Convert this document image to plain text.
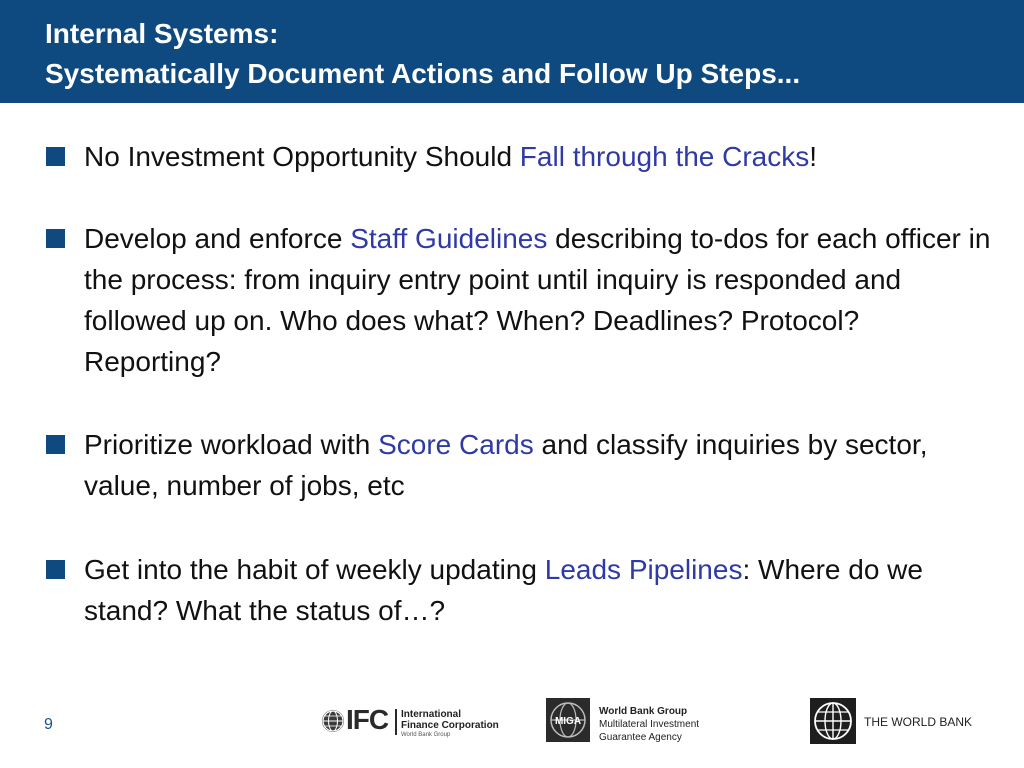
Internal Systems:
Systematically Document Actions and Follow Up Steps...
No Investment Opportunity Should Fall through the Cracks!
Develop and enforce Staff Guidelines describing to-dos for each officer in the process: from inquiry entry point until inquiry is responded and followed up on. Who does what? When? Deadlines? Protocol? Reporting?
Prioritize workload with Score Cards and classify inquiries by sector, value, number of jobs, etc
Get into the habit of weekly updating Leads Pipelines: Where do we stand? What the status of…?
9	IFC International
Finance Corporation
World Bank Group
MIGA
World Bank Group
Multilateral Investment
Guarantee Agency
THE WORLD BANK
